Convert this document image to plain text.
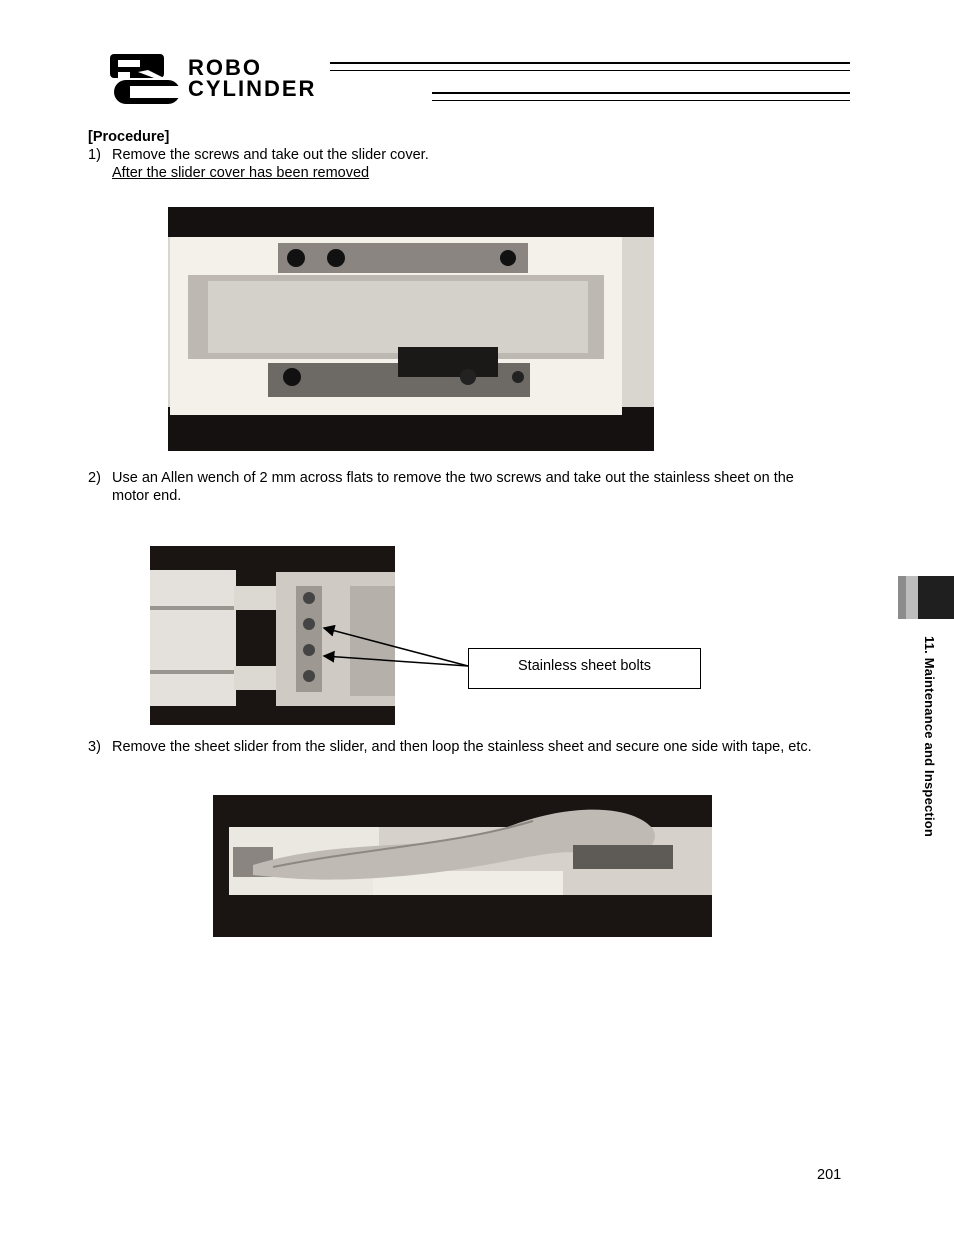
ROBO
CYLINDER
[Procedure]
1) Remove the screws and take out the slider cover.
After the slider cover has been removed
2) Use an Allen wench of 2 mm across flats to remove the two screws and take out the stainless sheet on the
motor end.
Stainless sheet bolts
3) Remove the sheet slider from the slider, and then loop the stainless sheet and secure one side with tape, etc.	11. Maintenance and Inspection
201
